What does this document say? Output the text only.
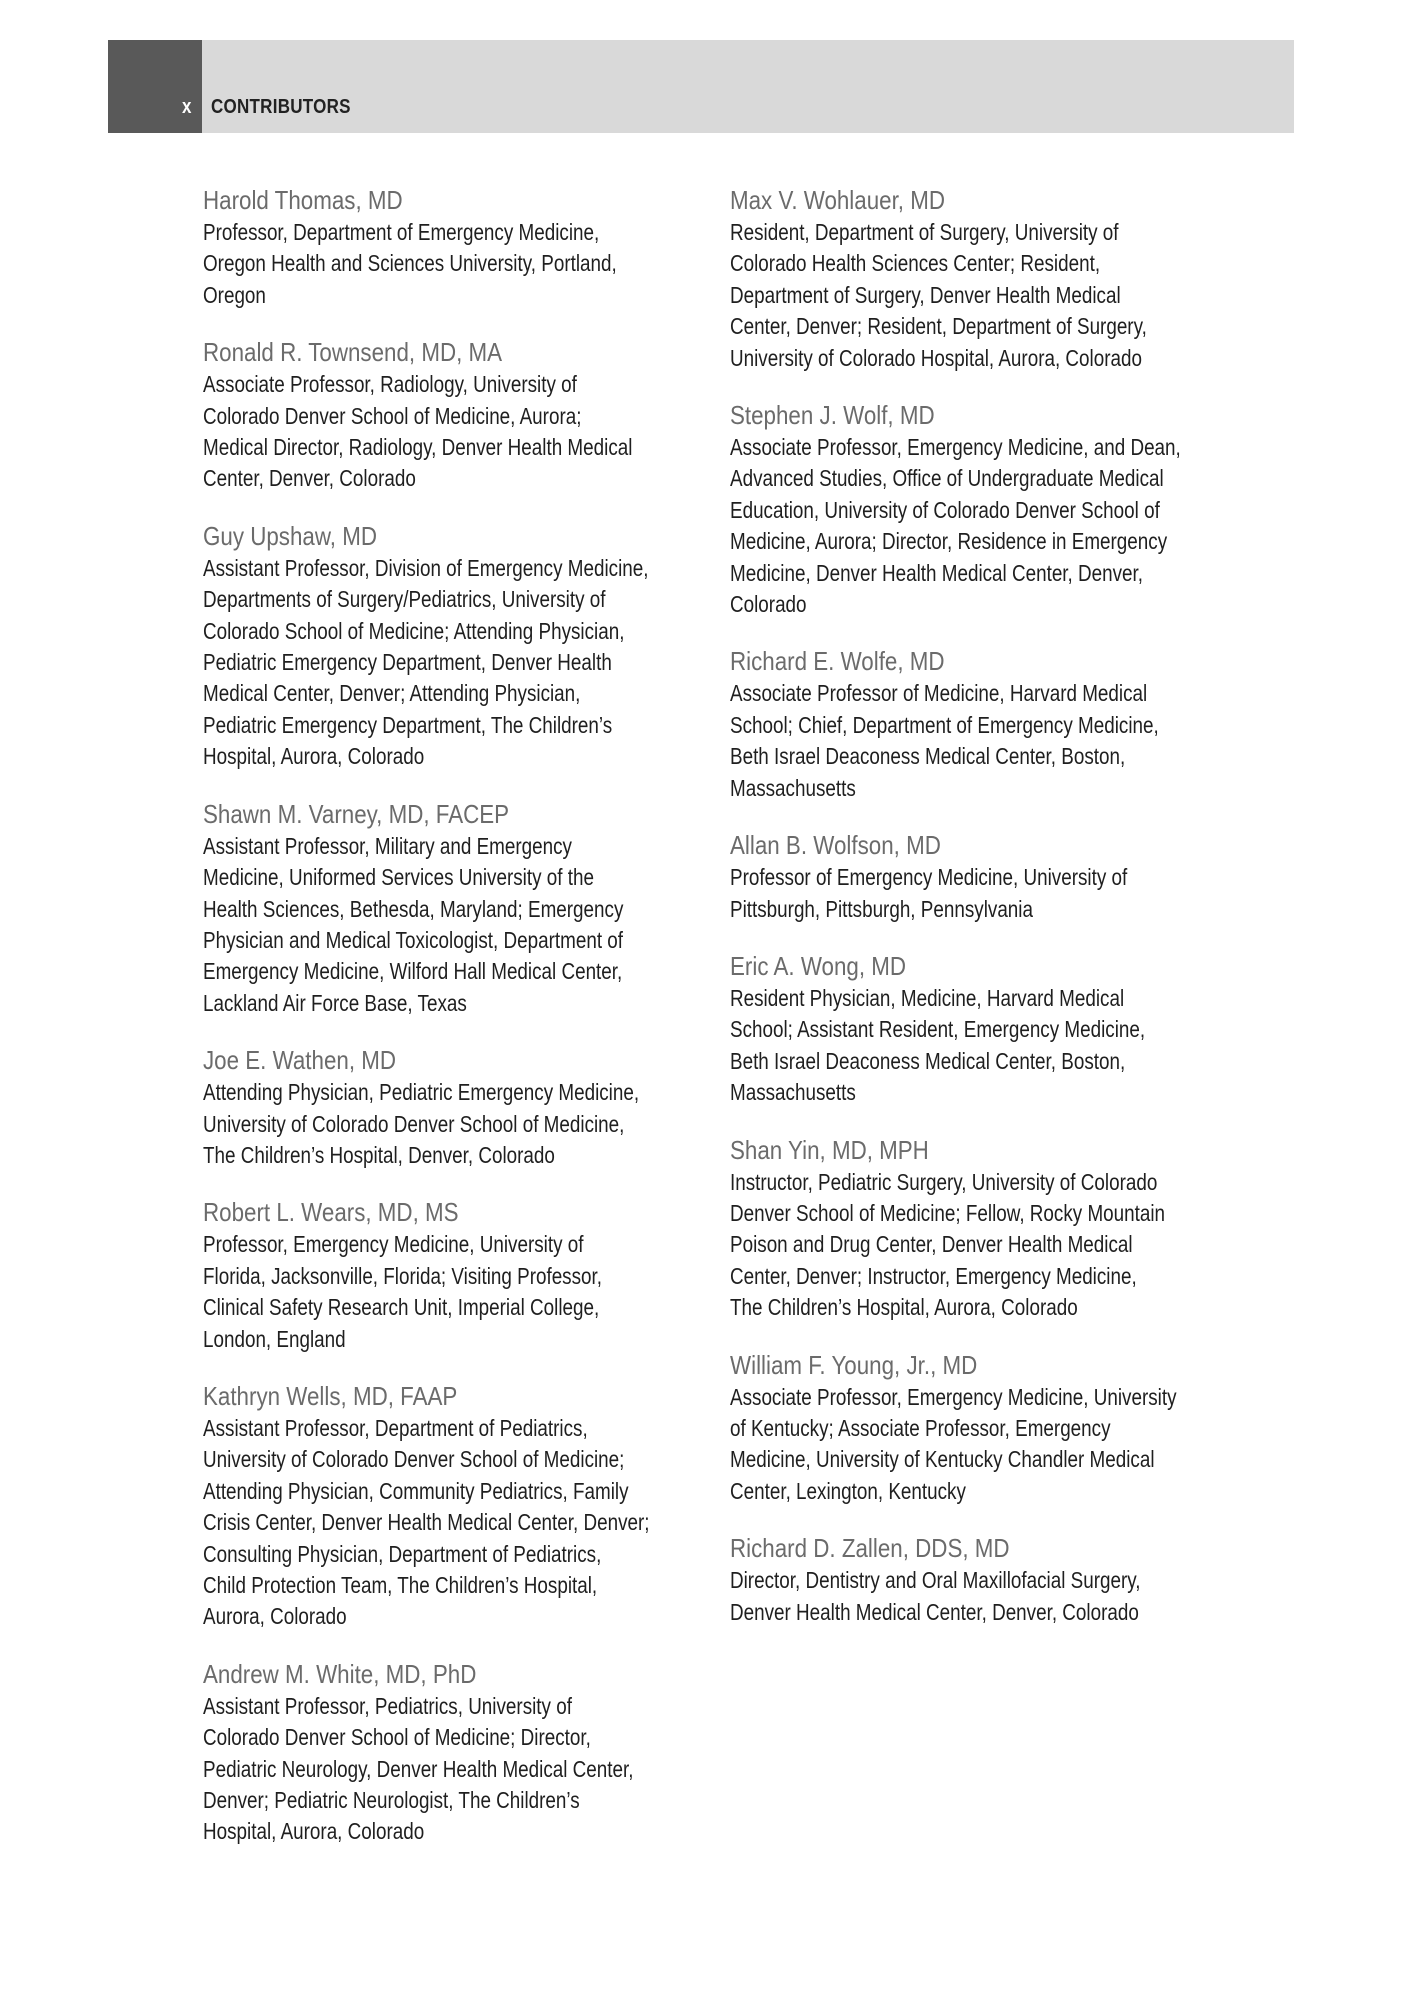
x CONTRIBUTORS
Harold Thomas, MD
Professor, Department of Emergency Medicine,
Oregon Health and Sciences University, Portland,
Oregon
Ronald R. Townsend, MD, MA
Associate Professor, Radiology, University of
Colorado Denver School of Medicine, Aurora;
Medical Director, Radiology, Denver Health Medical
Center, Denver, Colorado
Guy Upshaw, MD
Assistant Professor, Division of Emergency Medicine,
Departments of Surgery/Pediatrics, University of
Colorado School of Medicine; Attending Physician,
Pediatric Emergency Department, Denver Health
Medical Center, Denver; Attending Physician,
Pediatric Emergency Department, The Children’s
Hospital, Aurora, Colorado
Shawn M. Varney, MD, FACEP
Assistant Professor, Military and Emergency
Medicine, Uniformed Services University of the
Health Sciences, Bethesda, Maryland; Emergency
Physician and Medical Toxicologist, Department of
Emergency Medicine, Wilford Hall Medical Center,
Lackland Air Force Base, Texas
Joe E. Wathen, MD
Attending Physician, Pediatric Emergency Medicine,
University of Colorado Denver School of Medicine,
The Children’s Hospital, Denver, Colorado
Robert L. Wears, MD, MS
Professor, Emergency Medicine, University of
Florida, Jacksonville, Florida; Visiting Professor,
Clinical Safety Research Unit, Imperial College,
London, England
Kathryn Wells, MD, FAAP
Assistant Professor, Department of Pediatrics,
University of Colorado Denver School of Medicine;
Attending Physician, Community Pediatrics, Family
Crisis Center, Denver Health Medical Center, Denver;
Consulting Physician, Department of Pediatrics,
Child Protection Team, The Children’s Hospital,
Aurora, Colorado
Andrew M. White, MD, PhD
Assistant Professor, Pediatrics, University of
Colorado Denver School of Medicine; Director,
Pediatric Neurology, Denver Health Medical Center,
Denver; Pediatric Neurologist, The Children’s
Hospital, Aurora, Colorado
Max V. Wohlauer, MD
Resident, Department of Surgery, University of
Colorado Health Sciences Center; Resident,
Department of Surgery, Denver Health Medical
Center, Denver; Resident, Department of Surgery,
University of Colorado Hospital, Aurora, Colorado
Stephen J. Wolf, MD
Associate Professor, Emergency Medicine, and Dean,
Advanced Studies, Office of Undergraduate Medical
Education, University of Colorado Denver School of
Medicine, Aurora; Director, Residence in Emergency
Medicine, Denver Health Medical Center, Denver,
Colorado
Richard E. Wolfe, MD
Associate Professor of Medicine, Harvard Medical
School; Chief, Department of Emergency Medicine,
Beth Israel Deaconess Medical Center, Boston,
Massachusetts
Allan B. Wolfson, MD
Professor of Emergency Medicine, University of
Pittsburgh, Pittsburgh, Pennsylvania
Eric A. Wong, MD
Resident Physician, Medicine, Harvard Medical
School; Assistant Resident, Emergency Medicine,
Beth Israel Deaconess Medical Center, Boston,
Massachusetts
Shan Yin, MD, MPH
Instructor, Pediatric Surgery, University of Colorado
Denver School of Medicine; Fellow, Rocky Mountain
Poison and Drug Center, Denver Health Medical
Center, Denver; Instructor, Emergency Medicine,
The Children’s Hospital, Aurora, Colorado
William F. Young, Jr., MD
Associate Professor, Emergency Medicine, University
of Kentucky; Associate Professor, Emergency
Medicine, University of Kentucky Chandler Medical
Center, Lexington, Kentucky
Richard D. Zallen, DDS, MD
Director, Dentistry and Oral Maxillofacial Surgery,
Denver Health Medical Center, Denver, Colorado
